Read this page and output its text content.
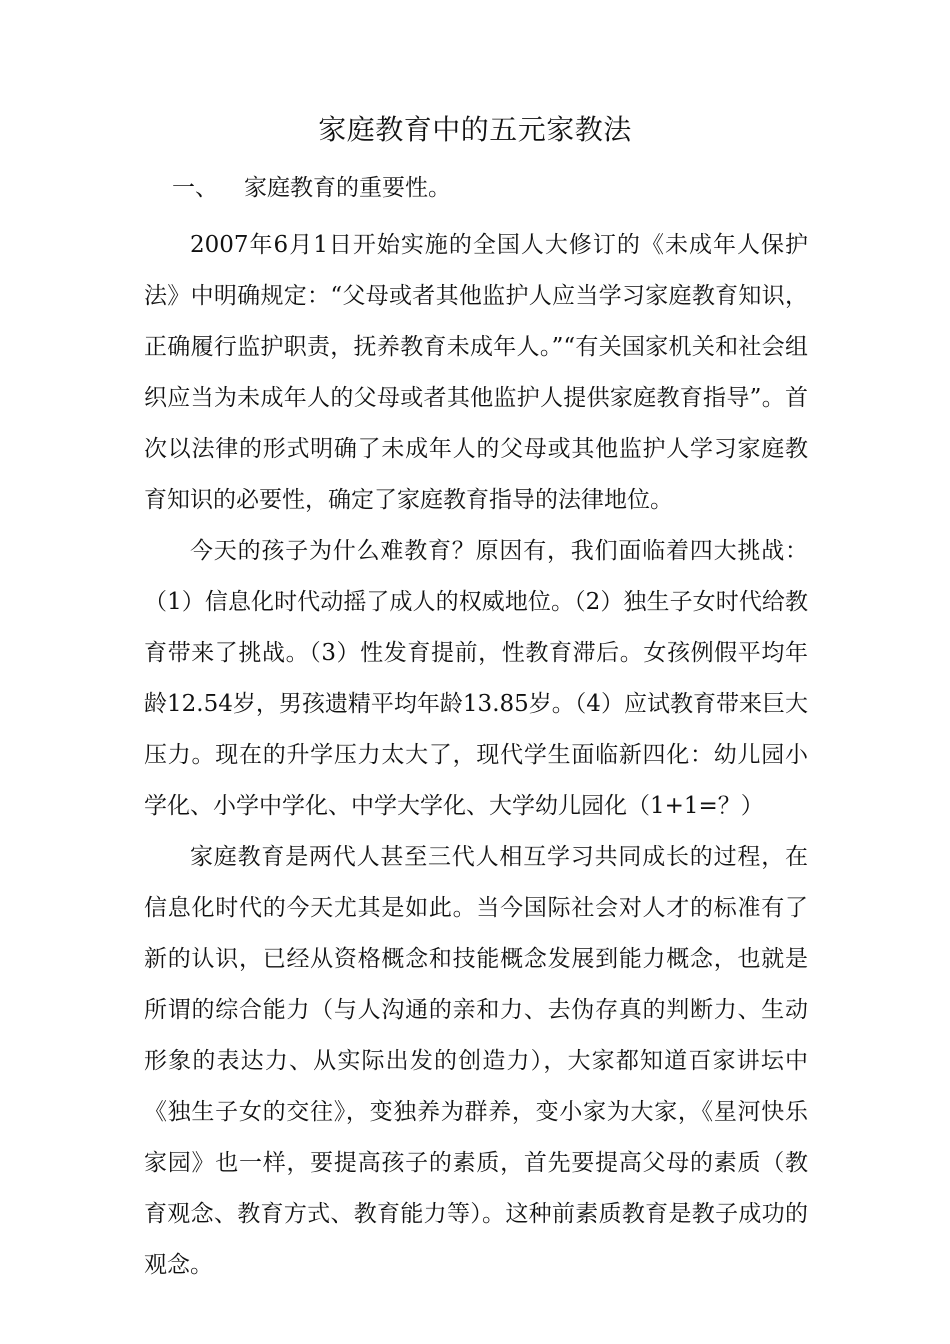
家庭教育中的五元家教法
一、 家庭教育的重要性。

2007年6月1日开始实施的全国人大修订的《未成年人保护法》中明确规定：“父母或者其他监护人应当学习家庭教育知识，正确履行监护职责，抚养教育未成年人。”“有关国家机关和社会组织应当为未成年人的父母或者其他监护人提供家庭教育指导”。首次以法律的形式明确了未成年人的父母或其他监护人学习家庭教育知识的必要性，确定了家庭教育指导的法律地位。

今天的孩子为什么难教育？原因有，我们面临着四大挑战：（1）信息化时代动摇了成人的权威地位。（2）独生子女时代给教育带来了挑战。（3）性发育提前，性教育滞后。女孩例假平均年龄12.54岁，男孩遗精平均年龄13.85岁。（4）应试教育带来巨大压力。现在的升学压力太大了，现代学生面临新四化：幼儿园小学化、小学中学化、中学大学化、大学幼儿园化（1+1=？）

家庭教育是两代人甚至三代人相互学习共同成长的过程，在信息化时代的今天尤其是如此。当今国际社会对人才的标准有了新的认识，已经从资格概念和技能概念发展到能力概念，也就是所谓的综合能力（与人沟通的亲和力、去伪存真的判断力、生动形象的表达力、从实际出发的创造力），大家都知道百家讲坛中《独生子女的交往》，变独养为群养，变小家为大家，《星河快乐家园》也一样，要提高孩子的素质，首先要提高父母的素质（教育观念、教育方式、教育能力等）。这种前素质教育是教子成功的观念。
